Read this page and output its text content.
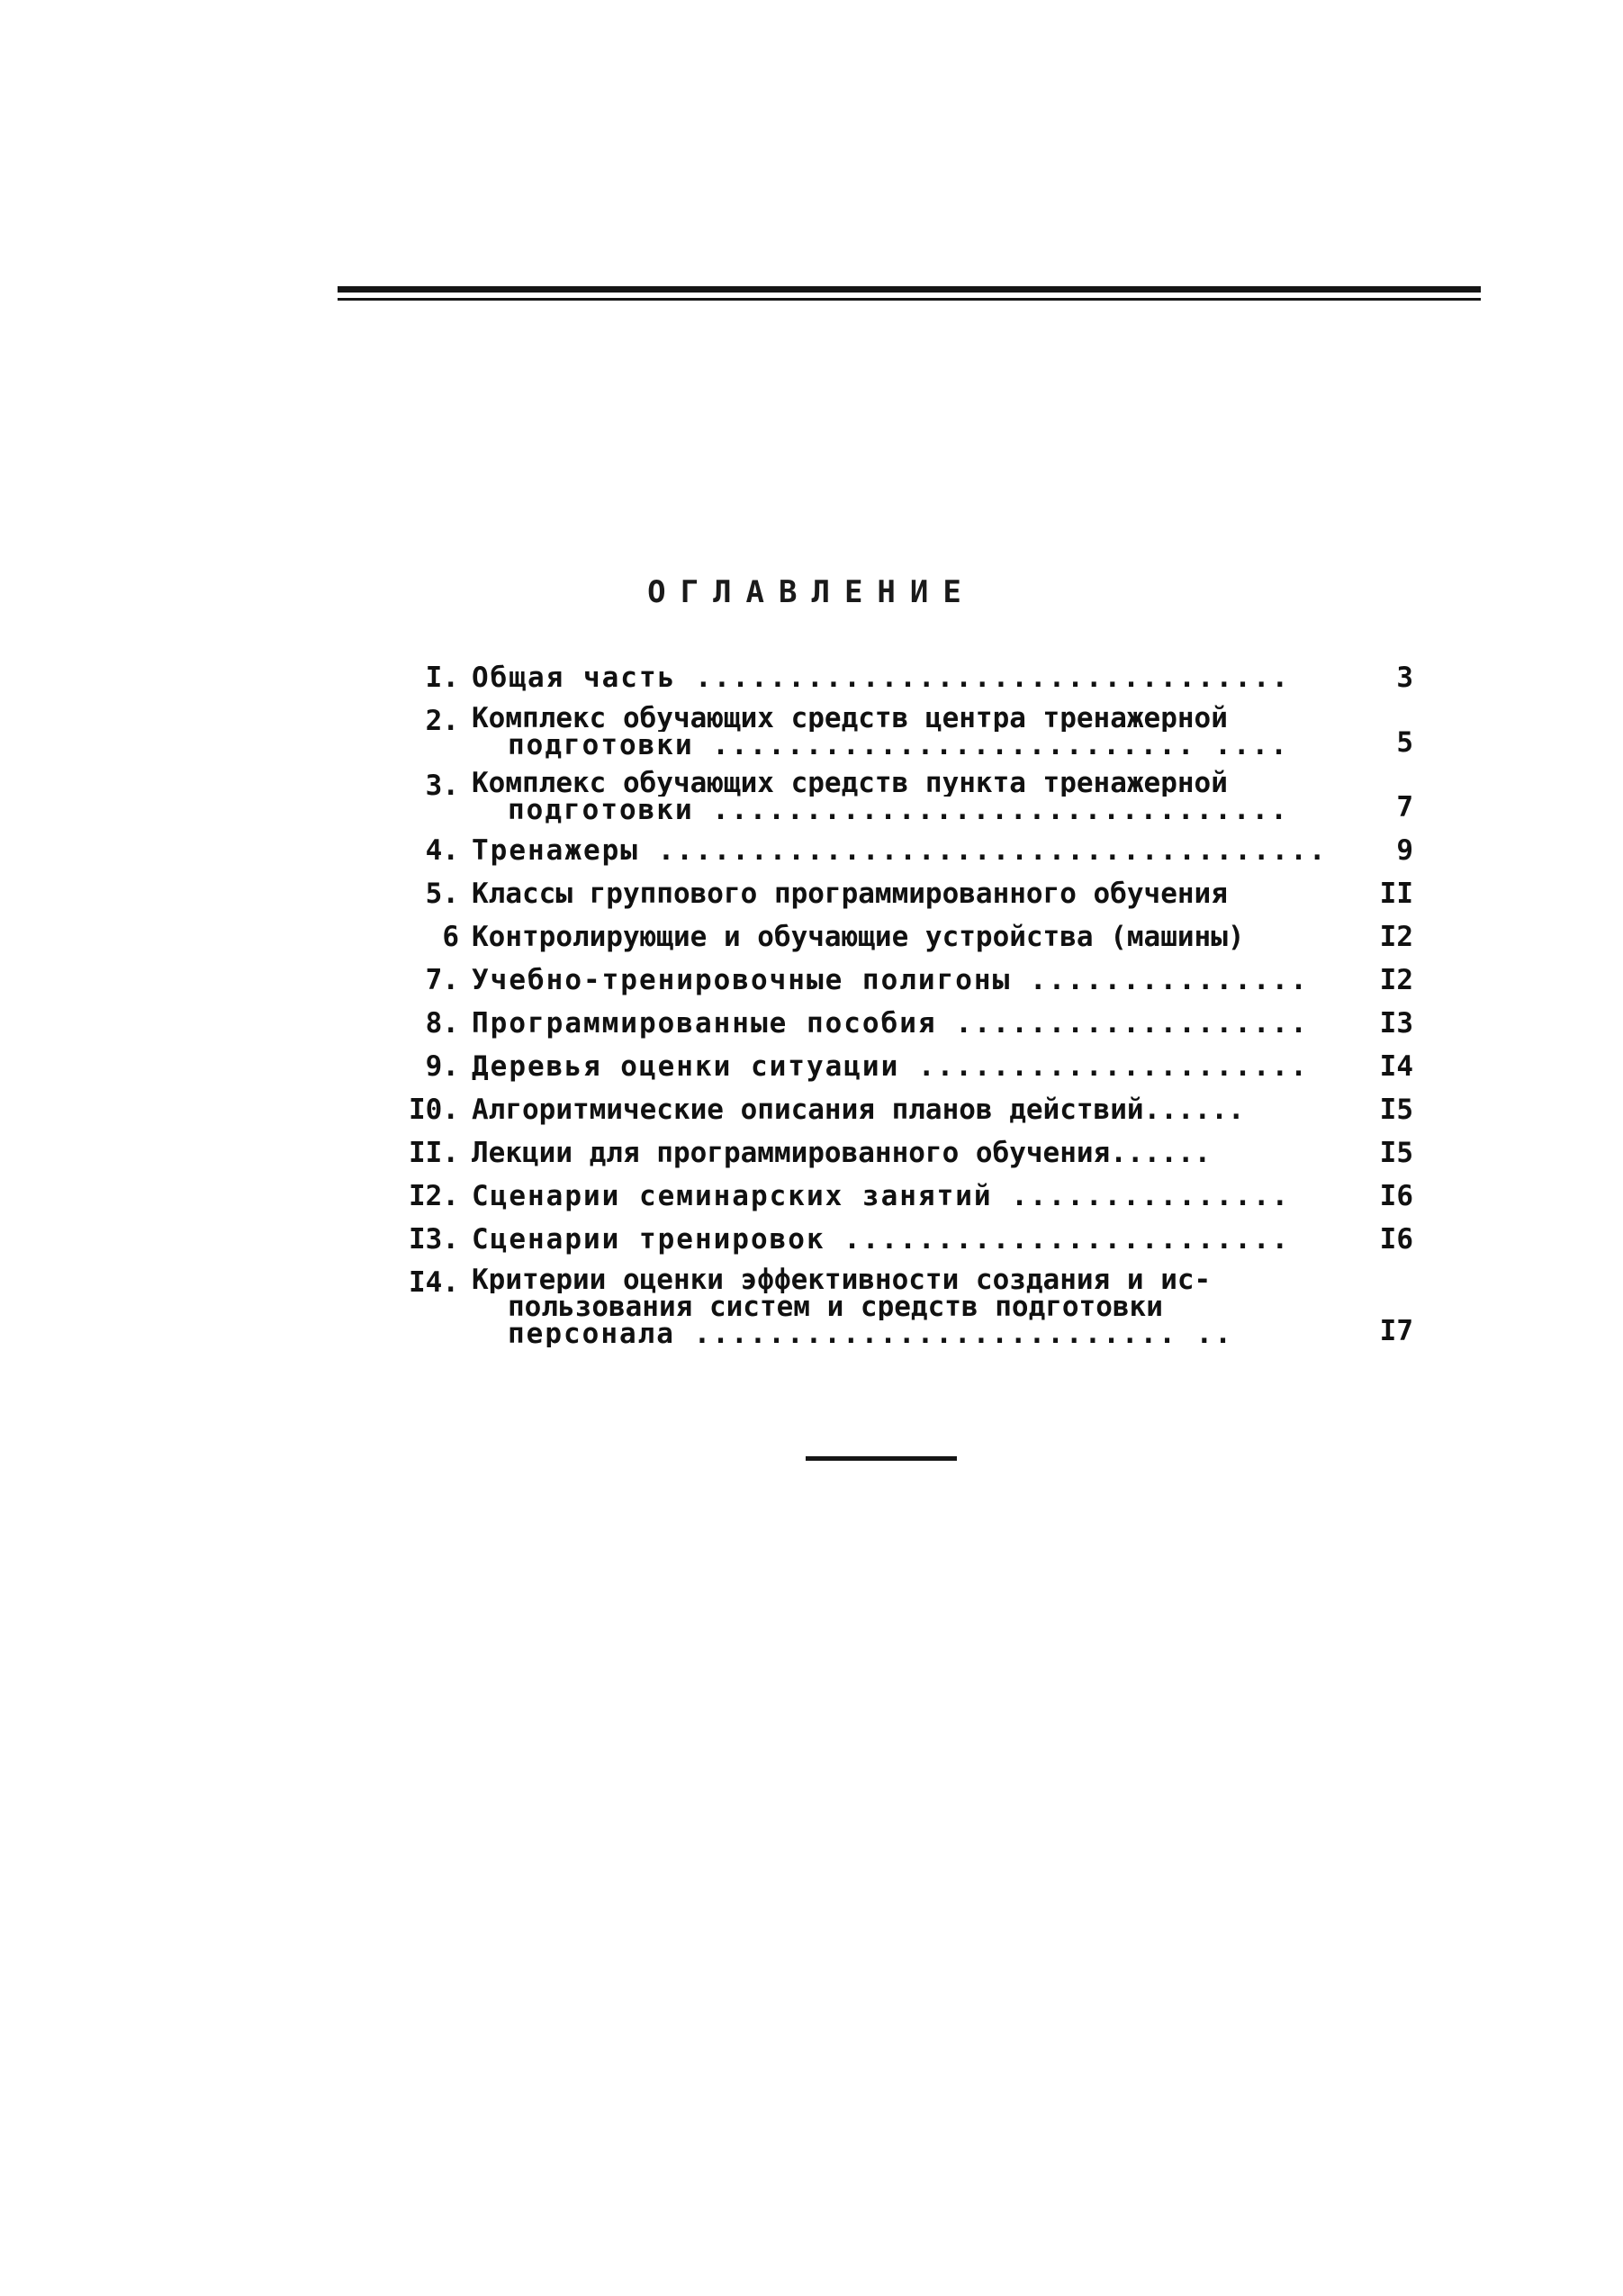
ОГЛАВЛЕНИЕ
I. Общая часть ................................	3
2. Комплекс обучающих средств центра тренажерной
подготовки .......................... ....	5
3. Комплекс обучающих средств пункта тренажерной
подготовки ...............................	7
4. Тренажеры ....................................	9
5. Классы группового программированного обучения	II
6 Контролирующие и обучающие устройства (машины)	I2
7. Учебно-тренировочные полигоны ...............	I2
8. Программированные пособия ...................	I3
9. Деревья оценки ситуации .....................	I4
I0. Алгоритмические описания планов действий......	I5
II. Лекции для программированного обучения......	I5
I2. Сценарии семинарских занятий ...............	I6
I3. Сценарии тренировок ........................	I6
I4. Критерии оценки эффективности создания и ис-
пользования систем и средств подготовки
персонала .......................... ..	I7
